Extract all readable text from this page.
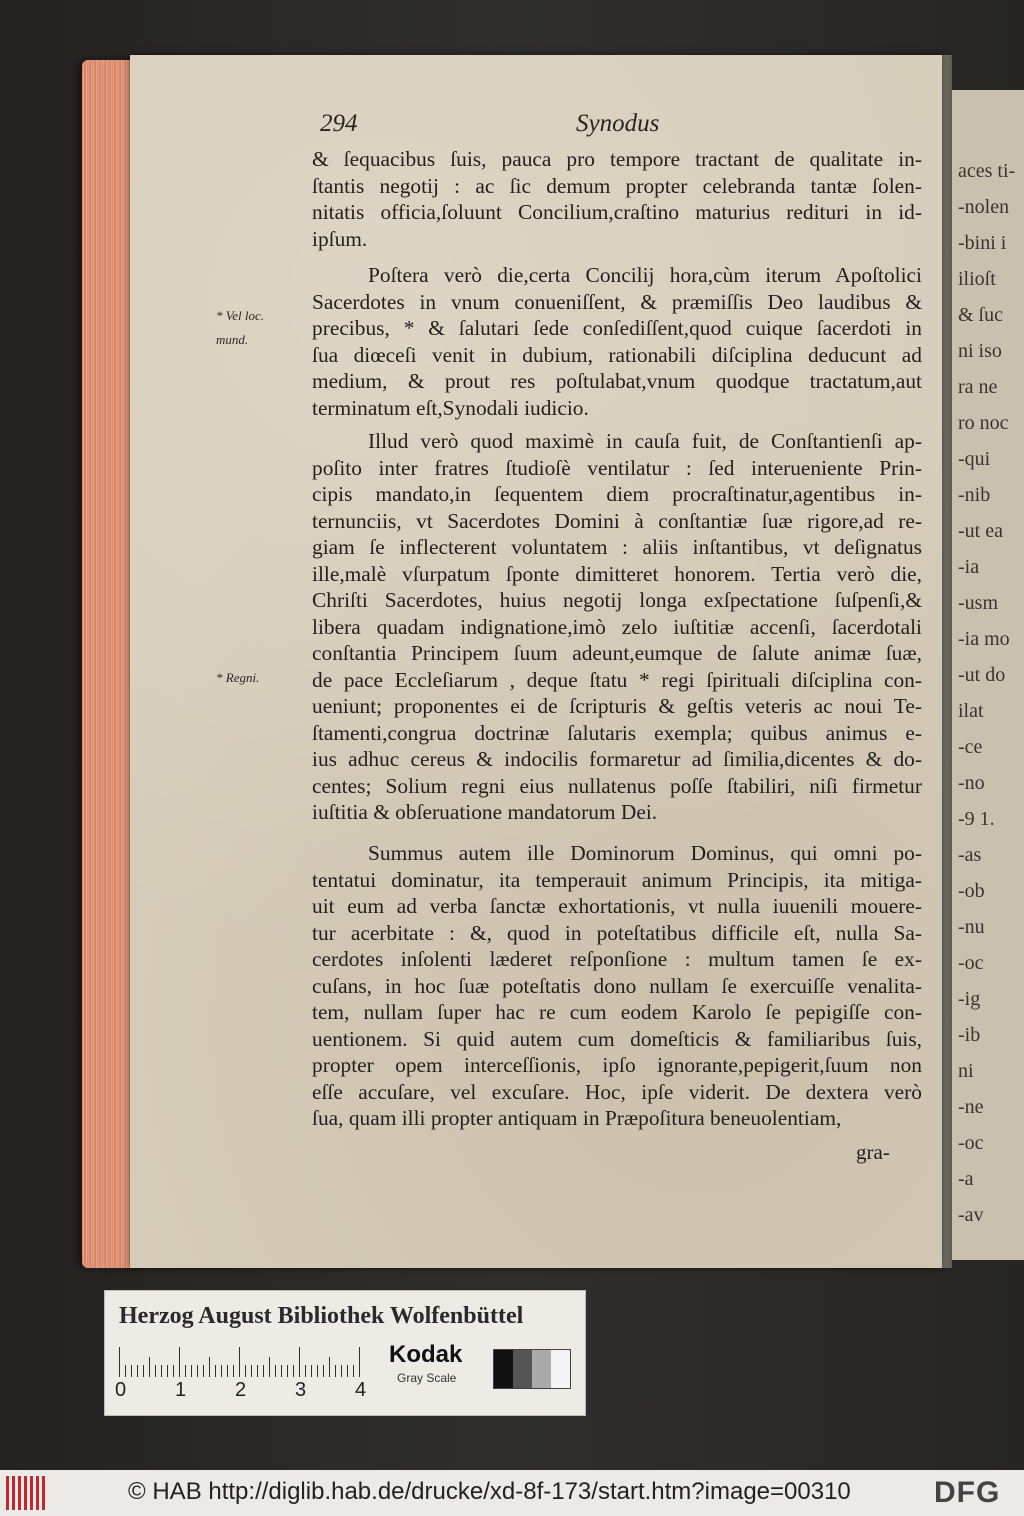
aces ti-
-nolen
-bini i
ilioſt
& ſuc
ni iso
ra ne
ro noc
-qui
-nib
-ut ea
-ia
-usm
-ia mo
-ut do
ilat
-ce
-no
-9 1.
-as
-ob
-nu
-oc
-ig
-ib
ni
-ne
-oc
-a
-av
294	Synodus
& ſequacibus ſuis, pauca pro tempore tractant de qualitate in-
ſtantis negotij : ac ſic demum propter celebranda tantæ ſolen-
nitatis officia,ſoluunt Concilium,craſtino maturius redituri in id-
ipſum.
Poſtera verò die,certa Concilij hora,cùm iterum Apoſtolici
Sacerdotes in vnum conueniſſent, & præmiſſis Deo laudibus &
precibus, * & ſalutari ſede conſediſſent,quod cuique ſacerdoti in
ſua diœceſi venit in dubium, rationabili diſciplina deducunt ad
medium, & prout res poſtulabat,vnum quodque tractatum,aut
terminatum eſt,Synodali iudicio.
Illud verò quod maximè in cauſa fuit, de Conſtantienſi ap-
poſito inter fratres ſtudioſè ventilatur : ſed interueniente Prin-
cipis mandato,in ſequentem diem procraſtinatur,agentibus in-
ternunciis, vt Sacerdotes Domini à conſtantiæ ſuæ rigore,ad re-
giam ſe inflecterent voluntatem : aliis inſtantibus, vt deſignatus
ille,malè vſurpatum ſponte dimitteret honorem. Tertia verò die,
Chriſti Sacerdotes, huius negotij longa exſpectatione ſuſpenſi,&
libera quadam indignatione,imò zelo iuſtitiæ accenſi, ſacerdotali
conſtantia Principem ſuum adeunt,eumque de ſalute animæ ſuæ,
de pace Eccleſiarum , deque ſtatu * regi ſpirituali diſciplina con-
ueniunt; proponentes ei de ſcripturis & geſtis veteris ac noui Te-
ſtamenti,congrua doctrinæ ſalutaris exempla; quibus animus e-
ius adhuc cereus & indocilis formaretur ad ſimilia,dicentes & do-
centes; Solium regni eius nullatenus poſſe ſtabiliri, niſi firmetur
iuſtitia & obſeruatione mandatorum Dei.
Summus autem ille Dominorum Dominus, qui omni po-
tentatui dominatur, ita temperauit animum Principis, ita mitiga-
uit eum ad verba ſanctæ exhortationis, vt nulla iuuenili mouere-
tur acerbitate : &, quod in poteſtatibus difficile eſt, nulla Sa-
cerdotes inſolenti læderet reſponſione : multum tamen ſe ex-
cuſans, in hoc ſuæ poteſtatis dono nullam ſe exercuiſſe venalita-
tem, nullam ſuper hac re cum eodem Karolo ſe pepigiſſe con-
uentionem. Si quid autem cum domeſticis & familiaribus ſuis,
propter opem interceſſionis, ipſo ignorante,pepigerit,ſuum non
eſſe accuſare, vel excuſare. Hoc, ipſe viderit. De dextera verò
ſua, quam illi propter antiquam in Præpoſitura beneuolentiam,
gra-
* Vel loc. mund.
* Regni.
Herzog August Bibliothek Wolfenbüttel
0 1 2 3 4
Kodak
Gray Scale
© HAB http://diglib.hab.de/drucke/xd-8f-173/start.htm?image=00310	DFG
